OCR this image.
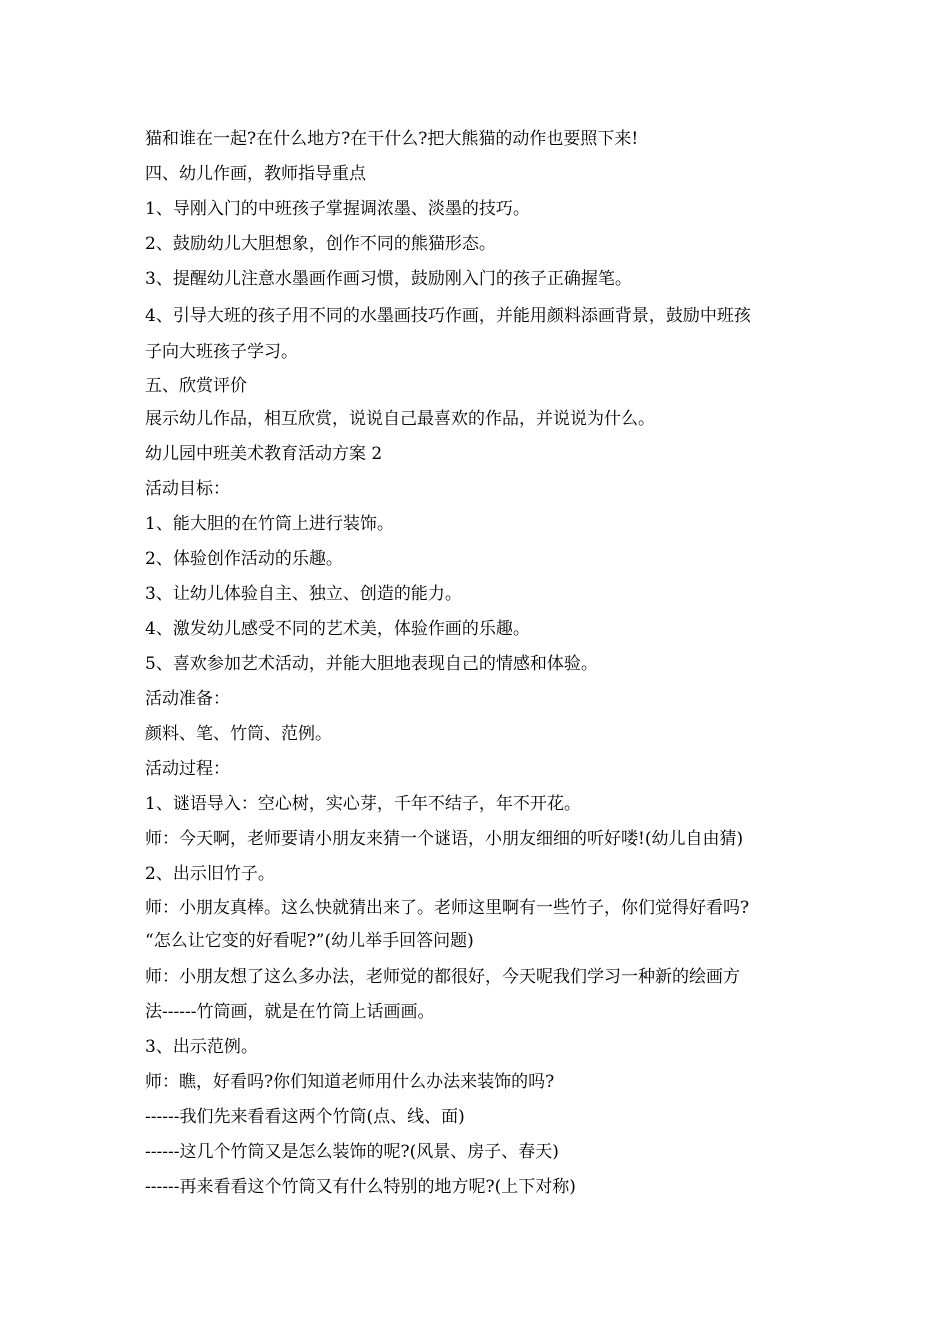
猫和谁在一起?在什么地方?在干什么?把大熊猫的动作也要照下来!
四、幼儿作画，教师指导重点
1、导刚入门的中班孩子掌握调浓墨、淡墨的技巧。
2、鼓励幼儿大胆想象，创作不同的熊猫形态。
3、提醒幼儿注意水墨画作画习惯，鼓励刚入门的孩子正确握笔。
4、引导大班的孩子用不同的水墨画技巧作画，并能用颜料添画背景，鼓励中班孩
子向大班孩子学习。
五、欣赏评价
展示幼儿作品，相互欣赏，说说自己最喜欢的作品，并说说为什么。
幼儿园中班美术教育活动方案 2
活动目标：
1、能大胆的在竹筒上进行装饰。
2、体验创作活动的乐趣。
3、让幼儿体验自主、独立、创造的能力。
4、激发幼儿感受不同的艺术美，体验作画的乐趣。
5、喜欢参加艺术活动，并能大胆地表现自己的情感和体验。
活动准备：
颜料、笔、竹筒、范例。
活动过程：
1、谜语导入：空心树，实心芽，千年不结子，年不开花。
师：今天啊，老师要请小朋友来猜一个谜语，小朋友细细的听好喽!(幼儿自由猜)
2、出示旧竹子。
师：小朋友真棒。这么快就猜出来了。老师这里啊有一些竹子，你们觉得好看吗?
“怎么让它变的好看呢?”(幼儿举手回答问题)
师：小朋友想了这么多办法，老师觉的都很好，今天呢我们学习一种新的绘画方
法------竹筒画，就是在竹筒上话画画。
3、出示范例。
师：瞧，好看吗?你们知道老师用什么办法来装饰的吗?
------我们先来看看这两个竹筒(点、线、面)
------这几个竹筒又是怎么装饰的呢?(风景、房子、春天)
------再来看看这个竹筒又有什么特别的地方呢?(上下对称)
